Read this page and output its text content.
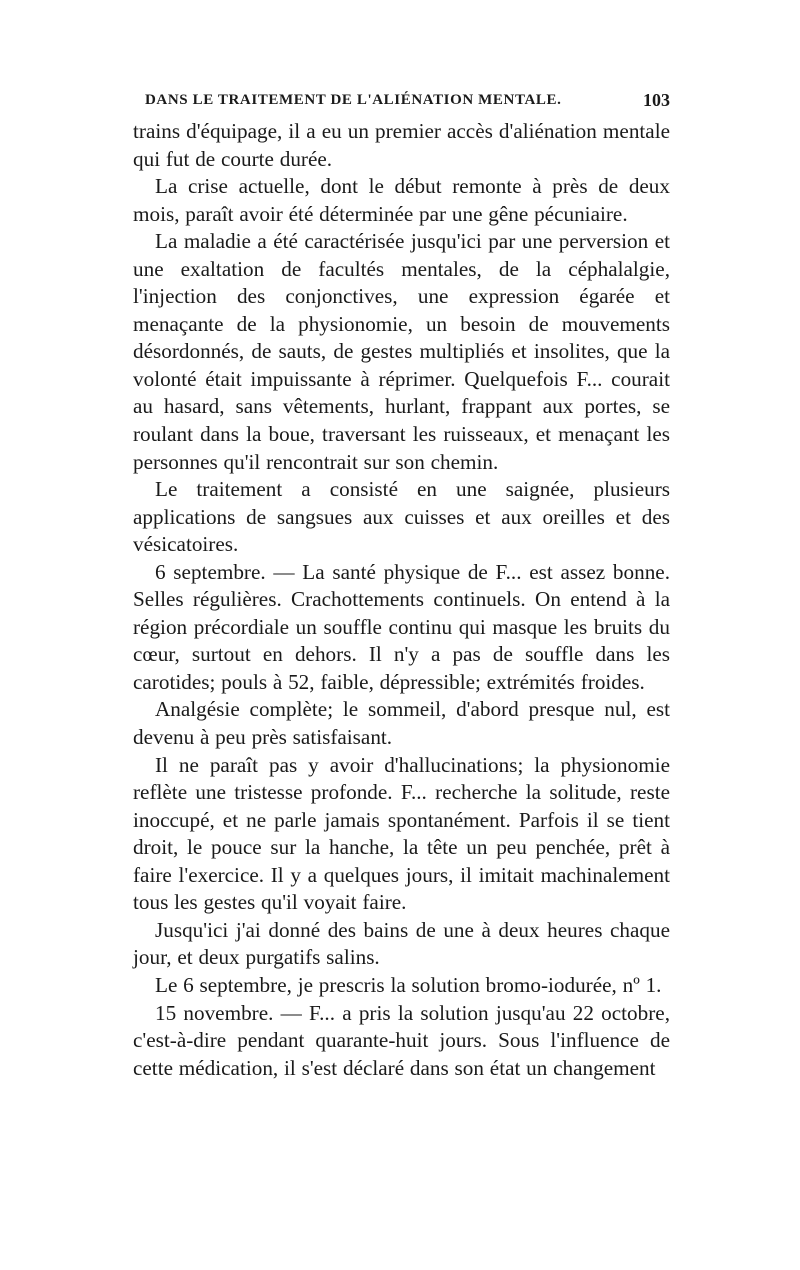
DANS LE TRAITEMENT DE L'ALIÉNATION MENTALE.	103

trains d'équipage, il a eu un premier accès d'aliénation mentale qui fut de courte durée.

La crise actuelle, dont le début remonte à près de deux mois, paraît avoir été déterminée par une gêne pécuniaire.

La maladie a été caractérisée jusqu'ici par une perversion et une exaltation de facultés mentales, de la céphalalgie, l'injection des conjonctives, une expression égarée et menaçante de la physionomie, un besoin de mouvements désordonnés, de sauts, de gestes multipliés et insolites, que la volonté était impuissante à réprimer. Quelquefois F... courait au hasard, sans vêtements, hurlant, frappant aux portes, se roulant dans la boue, traversant les ruisseaux, et menaçant les personnes qu'il rencontrait sur son chemin.

Le traitement a consisté en une saignée, plusieurs applications de sangsues aux cuisses et aux oreilles et des vésicatoires.

6 septembre. — La santé physique de F... est assez bonne. Selles régulières. Crachottements continuels. On entend à la région précordiale un souffle continu qui masque les bruits du cœur, surtout en dehors. Il n'y a pas de souffle dans les carotides; pouls à 52, faible, dépressible; extrémités froides.

Analgésie complète; le sommeil, d'abord presque nul, est devenu à peu près satisfaisant.

Il ne paraît pas y avoir d'hallucinations; la physionomie reflète une tristesse profonde. F... recherche la solitude, reste inoccupé, et ne parle jamais spontanément. Parfois il se tient droit, le pouce sur la hanche, la tête un peu penchée, prêt à faire l'exercice. Il y a quelques jours, il imitait machinalement tous les gestes qu'il voyait faire.

Jusqu'ici j'ai donné des bains de une à deux heures chaque jour, et deux purgatifs salins.

Le 6 septembre, je prescris la solution bromo-iodurée, nº 1.

15 novembre. — F... a pris la solution jusqu'au 22 octobre, c'est-à-dire pendant quarante-huit jours. Sous l'influence de cette médication, il s'est déclaré dans son état un changement
